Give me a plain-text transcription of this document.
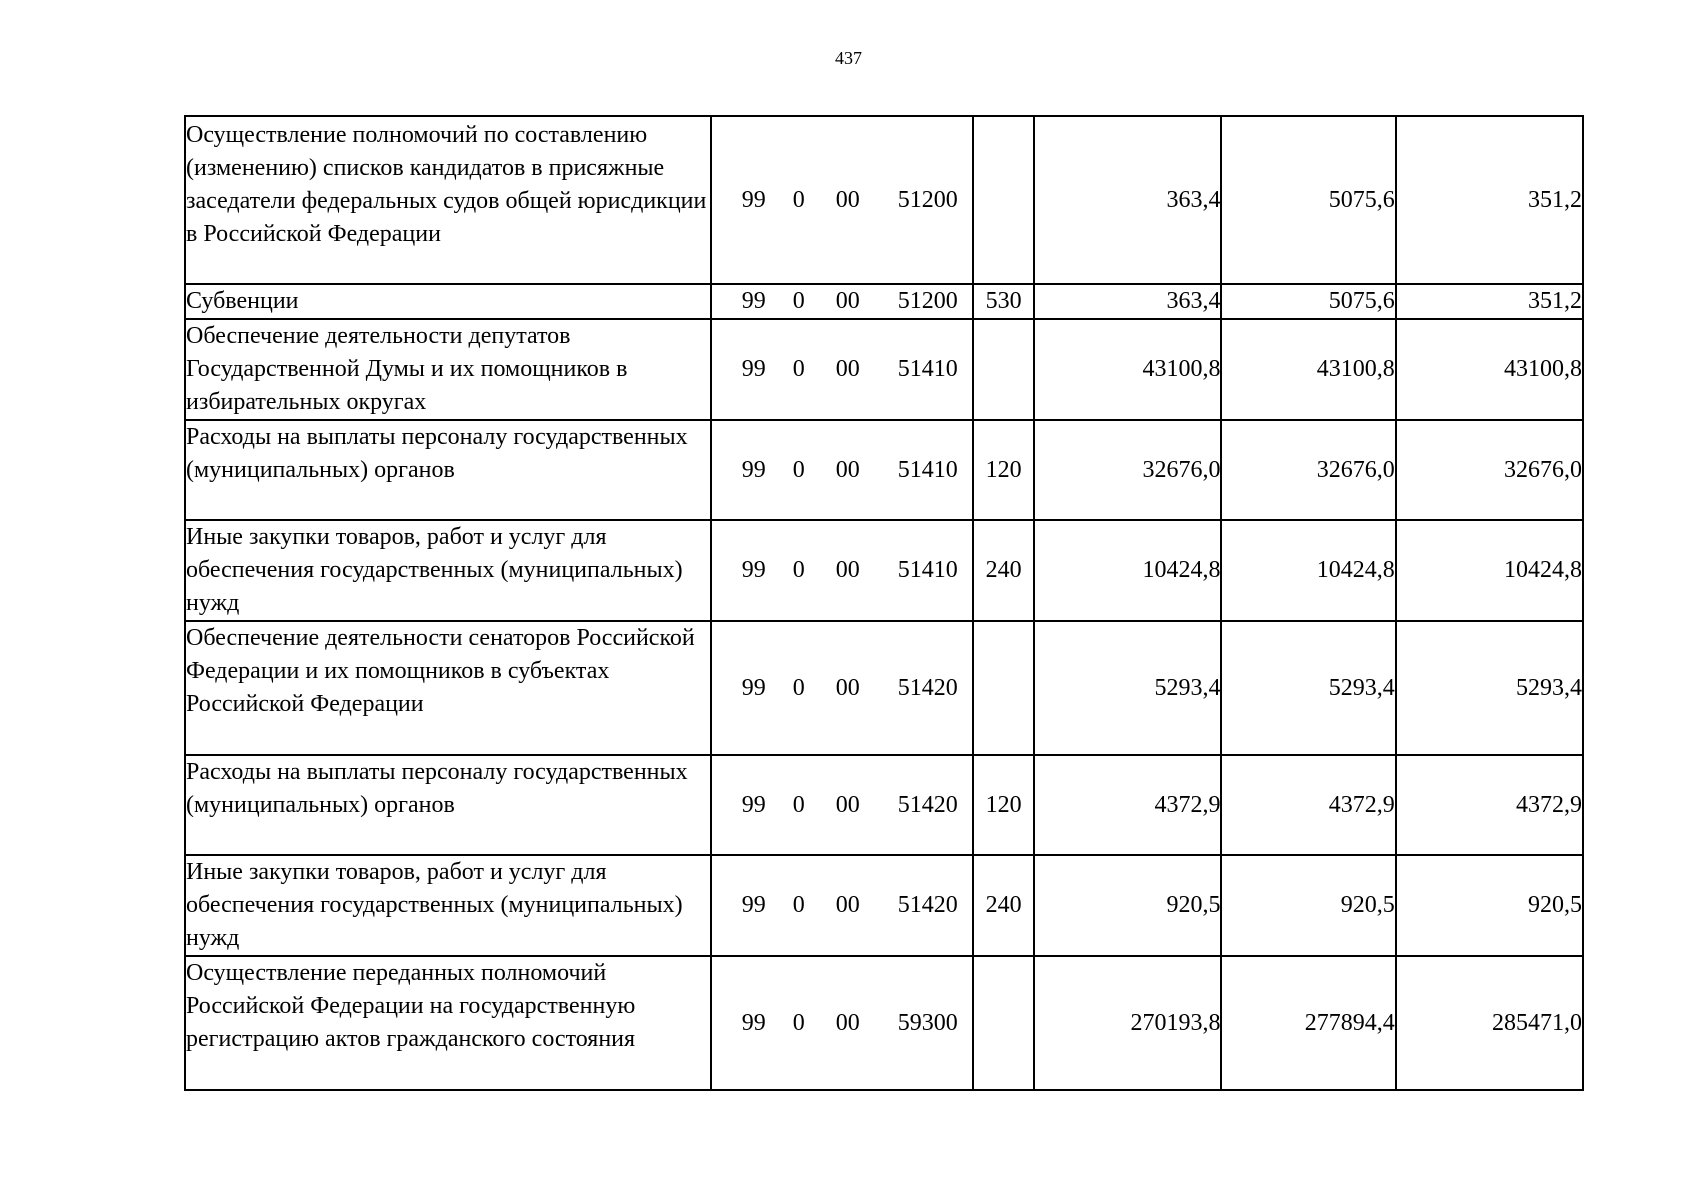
437
Осуществление полномочий по составлению (изменению) списков кандидатов в присяжные заседатели федеральных судов общей юрисдикции в Российской Федерации	99 0 00 51200		363,4	5075,6	351,2
Субвенции	99 0 00 51200	530	363,4	5075,6	351,2
Обеспечение деятельности депутатов Государственной Думы и их помощников в избирательных округах	99 0 00 51410		43100,8	43100,8	43100,8
Расходы на выплаты персоналу государственных (муниципальных) органов	99 0 00 51410	120	32676,0	32676,0	32676,0
Иные закупки товаров, работ и услуг для обеспечения государственных (муниципальных) нужд	99 0 00 51410	240	10424,8	10424,8	10424,8
Обеспечение деятельности сенаторов Российской Федерации и их помощников в субъектах Российской Федерации	99 0 00 51420		5293,4	5293,4	5293,4
Расходы на выплаты персоналу государственных (муниципальных) органов	99 0 00 51420	120	4372,9	4372,9	4372,9
Иные закупки товаров, работ и услуг для обеспечения государственных (муниципальных) нужд	99 0 00 51420	240	920,5	920,5	920,5
Осуществление переданных полномочий Российской Федерации на государственную регистрацию актов гражданского состояния	99 0 00 59300		270193,8	277894,4	285471,0
